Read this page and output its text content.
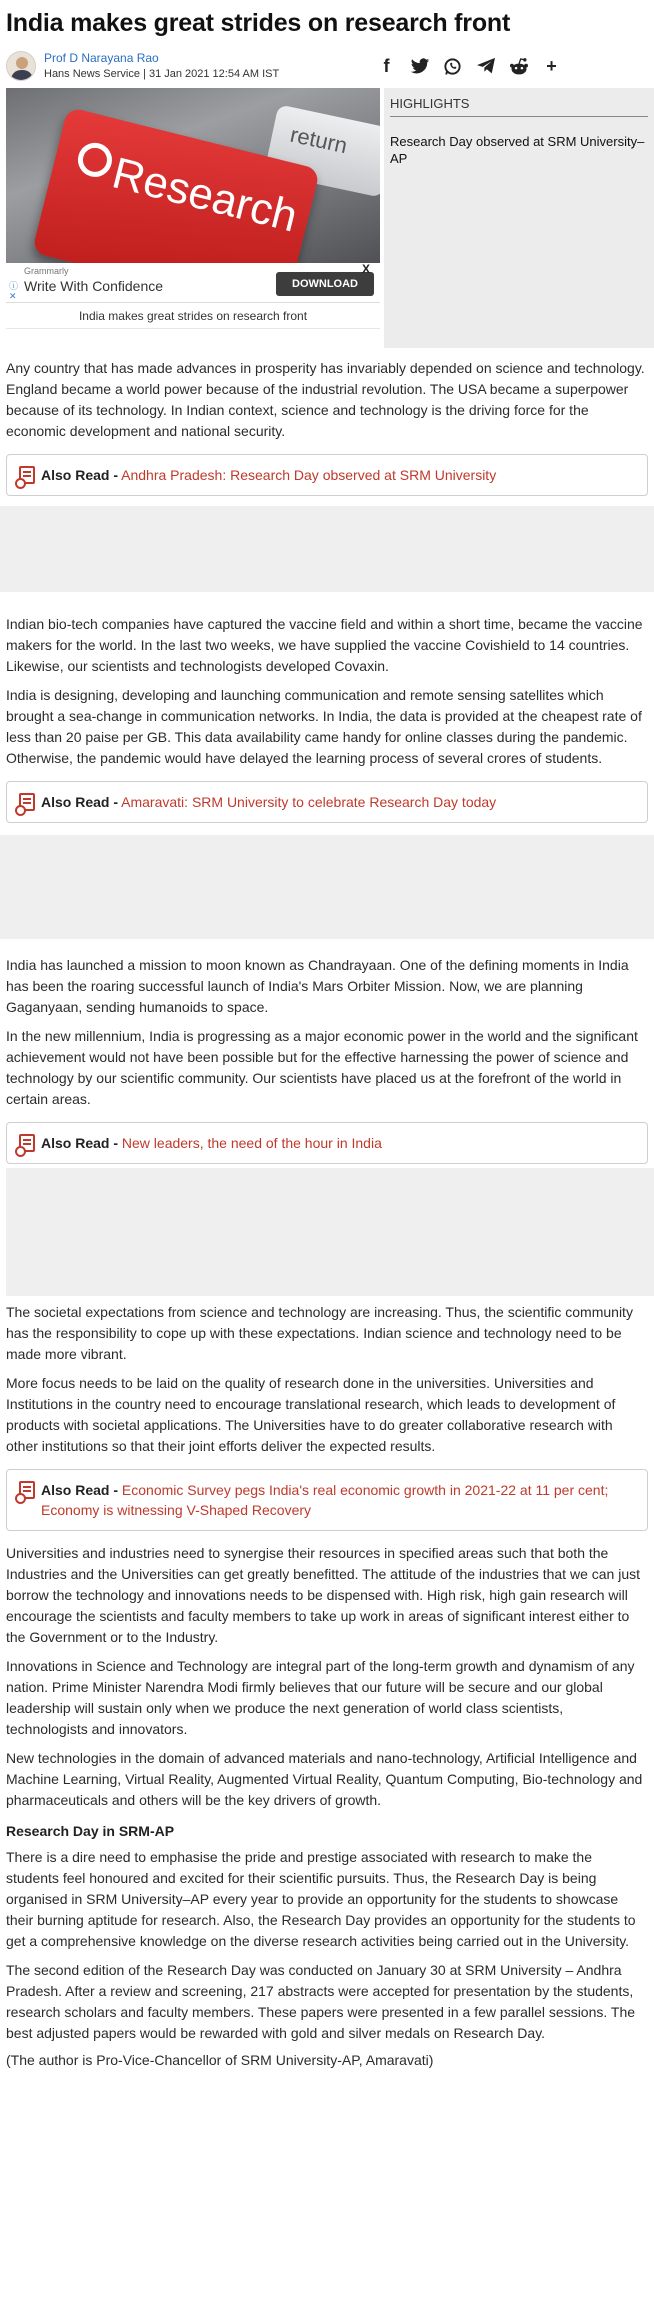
India makes great strides on research front
Prof D Narayana Rao
Hans News Service | 31 Jan 2021 12:54 AM IST	f	+
return
Research
ⓘ
✕
Grammarly
Write With Confidence	DOWNLOAD
X
India makes great strides on research front
HIGHLIGHTS
Research Day observed at SRM University–AP

Any country that has made advances in prosperity has invariably depended on science and technology. England became a world power because of the industrial revolution. The USA became a superpower because of its technology. In Indian context, science and technology is the driving force for the economic development and national security.

Also Read - Andhra Pradesh: Research Day observed at SRM University

Indian bio-tech companies have captured the vaccine field and within a short time, became the vaccine makers for the world. In the last two weeks, we have supplied the vaccine Covishield to 14 countries. Likewise, our scientists and technologists developed Covaxin.

India is designing, developing and launching communication and remote sensing satellites which brought a sea-change in communication networks. In India, the data is provided at the cheapest rate of less than 20 paise per GB. This data availability came handy for online classes during the pandemic. Otherwise, the pandemic would have delayed the learning process of several crores of students.

Also Read - Amaravati: SRM University to celebrate Research Day today

India has launched a mission to moon known as Chandrayaan. One of the defining moments in India has been the roaring successful launch of India's Mars Orbiter Mission. Now, we are planning Gaganyaan, sending humanoids to space.

In the new millennium, India is progressing as a major economic power in the world and the significant achievement would not have been possible but for the effective harnessing the power of science and technology by our scientific community. Our scientists have placed us at the forefront of the world in certain areas.

Also Read - New leaders, the need of the hour in India

The societal expectations from science and technology are increasing. Thus, the scientific community has the responsibility to cope up with these expectations. Indian science and technology need to be made more vibrant.

More focus needs to be laid on the quality of research done in the universities. Universities and Institutions in the country need to encourage translational research, which leads to development of products with societal applications. The Universities have to do greater collaborative research with other institutions so that their joint efforts deliver the expected results.

Also Read - Economic Survey pegs India's real economic growth in 2021-22 at 11 per cent; Economy is witnessing V-Shaped Recovery

Universities and industries need to synergise their resources in specified areas such that both the Industries and the Universities can get greatly benefitted. The attitude of the industries that we can just borrow the technology and innovations needs to be dispensed with. High risk, high gain research will encourage the scientists and faculty members to take up work in areas of significant interest either to the Government or to the Industry.

Innovations in Science and Technology are integral part of the long-term growth and dynamism of any nation. Prime Minister Narendra Modi firmly believes that our future will be secure and our global leadership will sustain only when we produce the next generation of world class scientists, technologists and innovators.

New technologies in the domain of advanced materials and nano-technology, Artificial Intelligence and Machine Learning, Virtual Reality, Augmented Virtual Reality, Quantum Computing, Bio-technology and pharmaceuticals and others will be the key drivers of growth.

Research Day in SRM-AP

There is a dire need to emphasise the pride and prestige associated with research to make the students feel honoured and excited for their scientific pursuits. Thus, the Research Day is being organised in SRM University–AP every year to provide an opportunity for the students to showcase their burning aptitude for research. Also, the Research Day provides an opportunity for the students to get a comprehensive knowledge on the diverse research activities being carried out in the University.

The second edition of the Research Day was conducted on January 30 at SRM University – Andhra Pradesh. After a review and screening, 217 abstracts were accepted for presentation by the students, research scholars and faculty members. These papers were presented in a few parallel sessions. The best adjusted papers would be rewarded with gold and silver medals on Research Day.

(The author is Pro-Vice-Chancellor of SRM University-AP, Amaravati)
